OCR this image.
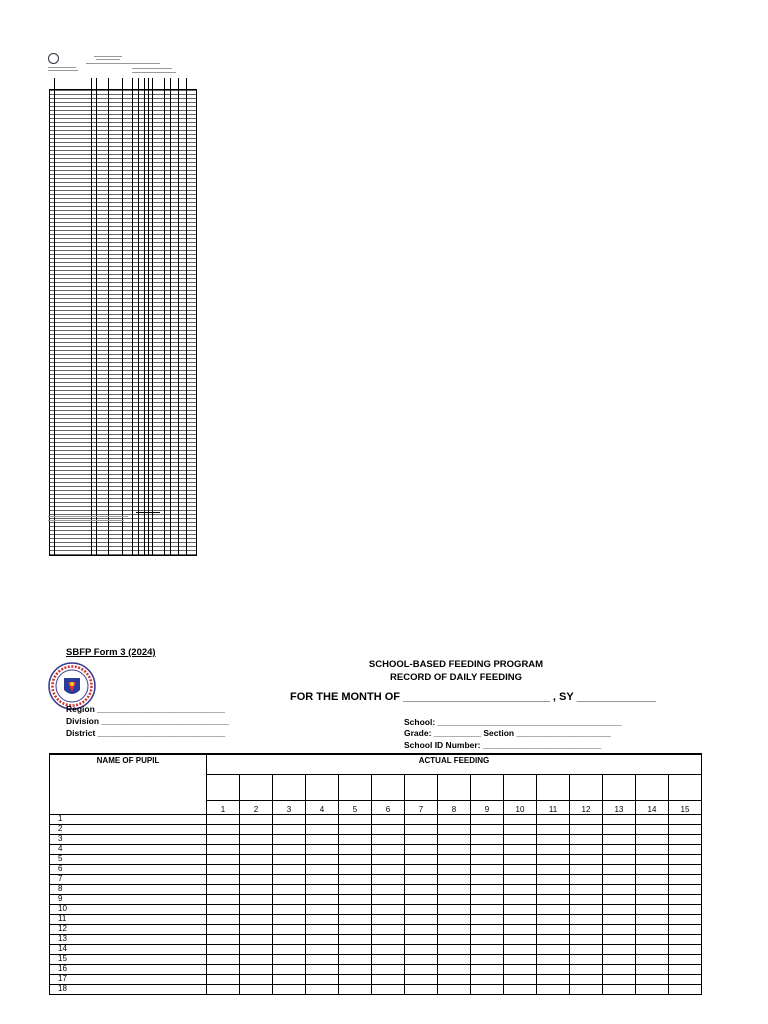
SBFP Form 3 (2024)
SCHOOL-BASED FEEDING PROGRAM
RECORD OF DAILY FEEDING
FOR THE MONTH OF ________________________ , SY _____________
Region ___________________________
Division ___________________________
District ___________________________
School: _______________________________________
Grade: __________ Section ____________________
School ID Number: _________________________
NAME OF PUPIL	ACTUAL FEEDING														

	1	2	3	4	5	6	7	8	9	10	11	12	13	14	15
1															
2															
3															
4															
5															
6															
7															
8															
9															
10															
11															
12															
13															
14															
15															
16															
17															
18															
